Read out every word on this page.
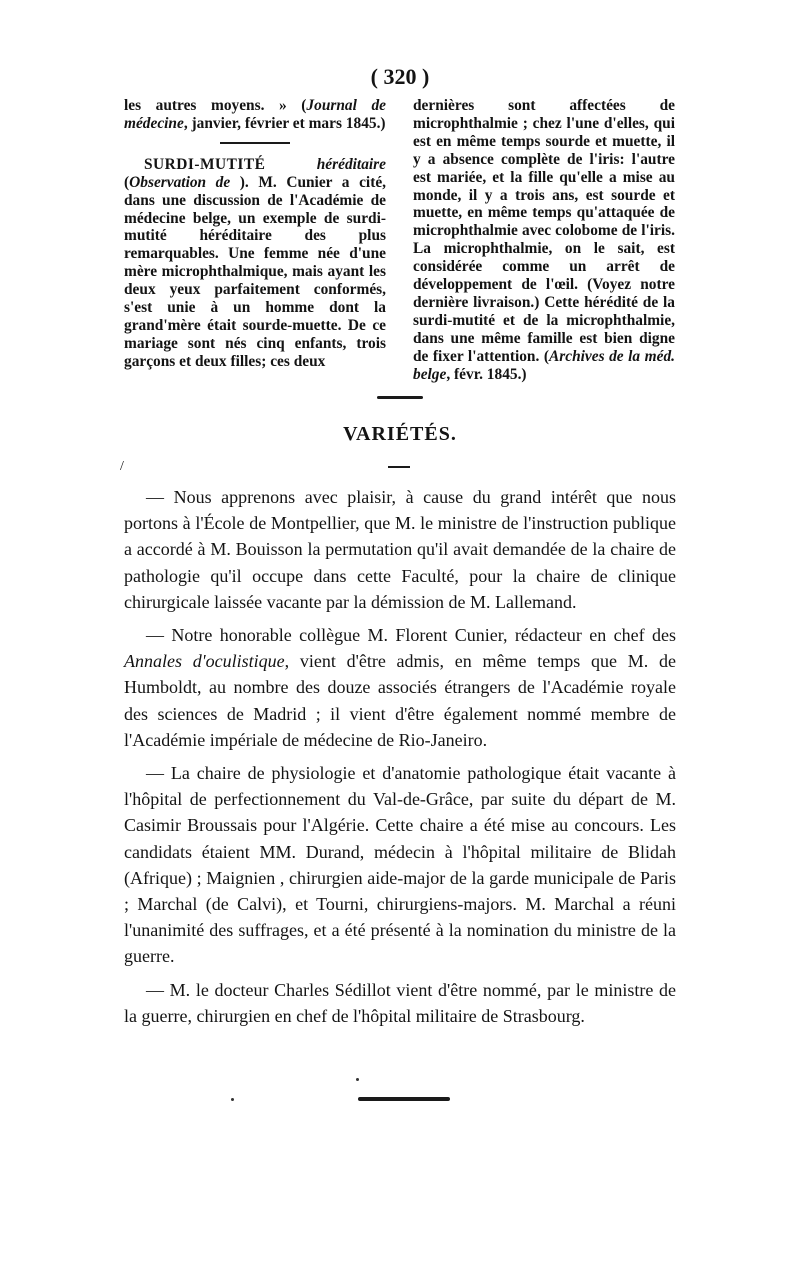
( 320 )

les autres moyens. » (Journal de médecine, janvier, février et mars 1845.)

SURDI-MUTITÉ	héréditaire (Observation de ). M. Cunier a cité, dans une discussion de l'Académie de médecine belge, un exemple de surdi-mutité héréditaire des plus remarquables. Une femme née d'une mère microphthalmique, mais ayant les deux yeux parfaitement conformés, s'est unie à un homme dont la grand'mère était sourde-muette. De ce mariage sont nés cinq enfants, trois garçons et deux filles; ces deux

dernières sont affectées de microphthalmie ; chez l'une d'elles, qui est en même temps sourde et muette, il y a absence complète de l'iris: l'autre est mariée, et la fille qu'elle a mise au monde, il y a trois ans, est sourde et muette, en même temps qu'attaquée de microphthalmie avec colobome de l'iris. La microphthalmie, on le sait, est considérée comme un arrêt de développement de l'œil. (Voyez notre dernière livraison.) Cette hérédité de la surdi-mutité et de la microphthalmie, dans une même famille est bien digne de fixer l'attention. (Archives de la méd. belge, févr. 1845.)

VARIÉTÉS.
/

— Nous apprenons avec plaisir, à cause du grand intérêt que nous portons à l'École de Montpellier, que M. le ministre de l'instruction publique a accordé à M. Bouisson la permutation qu'il avait demandée de la chaire de pathologie qu'il occupe dans cette Faculté, pour la chaire de clinique chirurgicale laissée vacante par la démission de M. Lallemand.

— Notre honorable collègue M. Florent Cunier, rédacteur en chef des Annales d'oculistique, vient d'être admis, en même temps que M. de Humboldt, au nombre des douze associés étrangers de l'Académie royale des sciences de Madrid ; il vient d'être également nommé membre de l'Académie impériale de médecine de Rio-Janeiro.

— La chaire de physiologie et d'anatomie pathologique était vacante à l'hôpital de perfectionnement du Val-de-Grâce, par suite du départ de M. Casimir Broussais pour l'Algérie. Cette chaire a été mise au concours. Les candidats étaient MM. Durand, médecin à l'hôpital militaire de Blidah (Afrique) ; Maignien , chirurgien aide-major de la garde municipale de Paris ; Marchal (de Calvi), et Tourni, chirurgiens-majors. M. Marchal a réuni l'unanimité des suffrages, et a été présenté à la nomination du ministre de la guerre.

— M. le docteur Charles Sédillot vient d'être nommé, par le ministre de la guerre, chirurgien en chef de l'hôpital militaire de Strasbourg.
